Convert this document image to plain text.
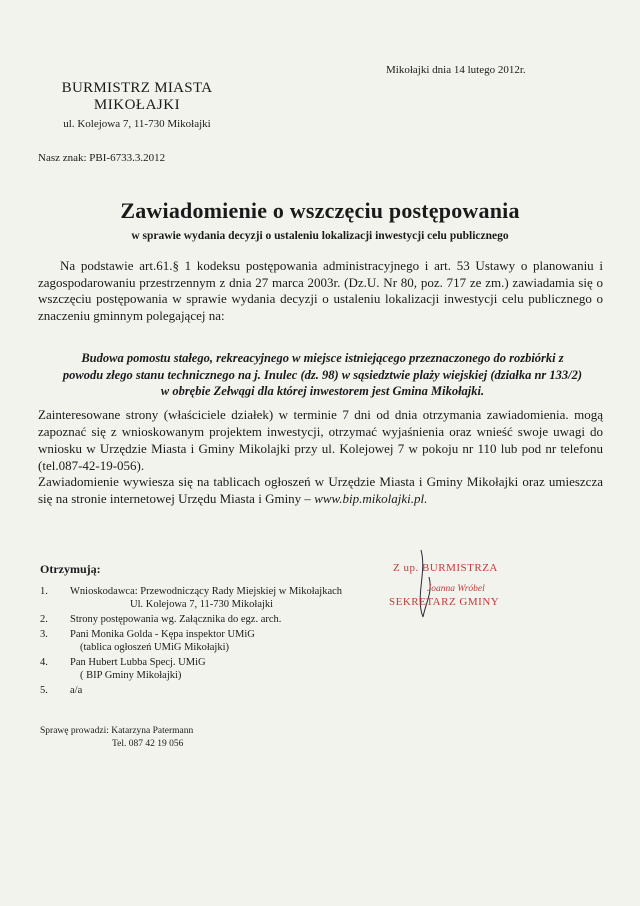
Mikołajki dnia 14 lutego 2012r.
BURMISTRZ MIASTA
MIKOŁAJKI
ul. Kolejowa 7, 11-730 Mikołajki
Nasz znak: PBI-6733.3.2012
Zawiadomienie o wszczęciu postępowania
w sprawie wydania decyzji o ustaleniu lokalizacji inwestycji celu publicznego
Na podstawie art.61.§ 1 kodeksu postępowania administracyjnego i art. 53 Ustawy o planowaniu i zagospodarowaniu przestrzennym z dnia 27 marca 2003r. (Dz.U. Nr 80, poz. 717 ze zm.) zawiadamia się o wszczęciu postępowania w sprawie wydania decyzji o ustaleniu lokalizacji inwestycji celu publicznego o znaczeniu gminnym polegającej na:
Budowa pomostu stałego, rekreacyjnego w miejsce istniejącego przeznaczonego do rozbiórki z
powodu złego stanu technicznego na j. Inulec (dz. 98) w sąsiedztwie plaży wiejskiej (działka nr 133/2)
w obrębie Zełwągi dla której inwestorem jest Gmina Mikołajki.
Zainteresowane strony (właściciele działek) w terminie 7 dni od dnia otrzymania zawiadomienia. mogą zapoznać się z wnioskowanym projektem inwestycji, otrzymać wyjaśnienia oraz wnieść swoje uwagi do wniosku w Urzędzie Miasta i Gminy Mikolajki przy ul. Kolejowej 7 w pokoju nr 110 lub pod nr telefonu (tel.087-42-19-056).
Zawiadomienie wywiesza się na tablicach ogłoszeń w Urzędzie Miasta i Gminy Mikołajki oraz umieszcza się na stronie internetowej Urzędu Miasta i Gminy – www.bip.mikolajki.pl.
Z up. BURMISTRZA
Joanna Wróbel
SEKRETARZ GMINY
Otrzymują:
1.	Wnioskodawca: Przewodniczący Rady Miejskiej w Mikołajkach
Ul. Kolejowa 7, 11-730 Mikołajki
2.	Strony postępowania wg. Załącznika do egz. arch.
3.	Pani Monika Golda - Kępa inspektor UMiG
(tablica ogłoszeń UMiG Mikołajki)
4.	Pan Hubert Lubba Specj. UMiG
( BIP Gminy Mikołajki)
5.	a/a
Sprawę prowadzi: Katarzyna Patermann
Tel. 087 42 19 056
